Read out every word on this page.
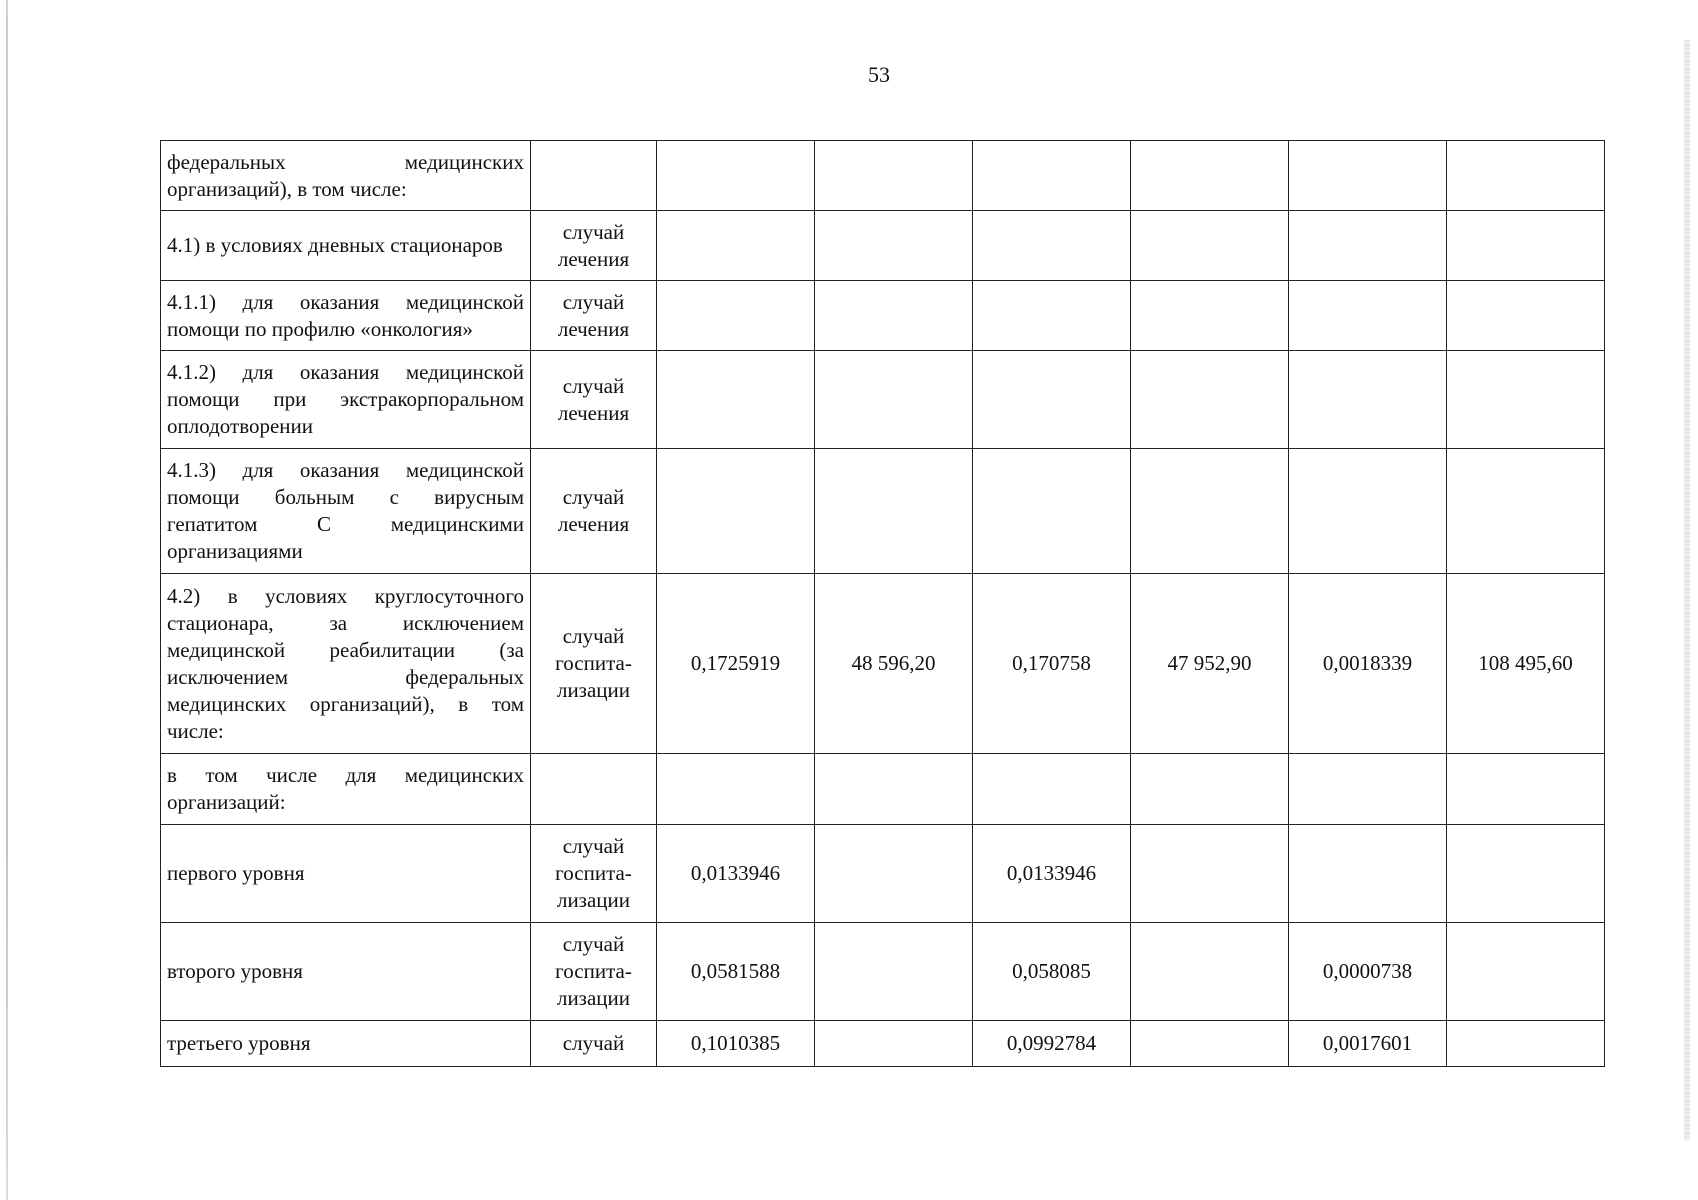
53
федеральных медицинских организаций), в том числе:							
4.1) в условиях дневных стационаров	случай лечения						
4.1.1) для оказания медицинской помощи по профилю «онкология»	случай лечения						
4.1.2) для оказания медицинской помощи при экстракорпоральном оплодотворении	случай лечения						
4.1.3) для оказания медицинской помощи больным с вирусным гепатитом С медицинскими организациями	случай лечения						
4.2) в условиях круглосуточного стационара, за исключением медицинской реабилитации (за исключением федеральных медицинских организаций), в том числе:	случай госпита- лизации	0,1725919	48 596,20	0,170758	47 952,90	0,0018339	108 495,60
в том числе для медицинских организаций:							
первого уровня	случай госпита- лизации	0,0133946		0,0133946			
второго уровня	случай госпита- лизации	0,0581588		0,058085		0,0000738	
третьего уровня	случай	0,1010385		0,0992784		0,0017601	
